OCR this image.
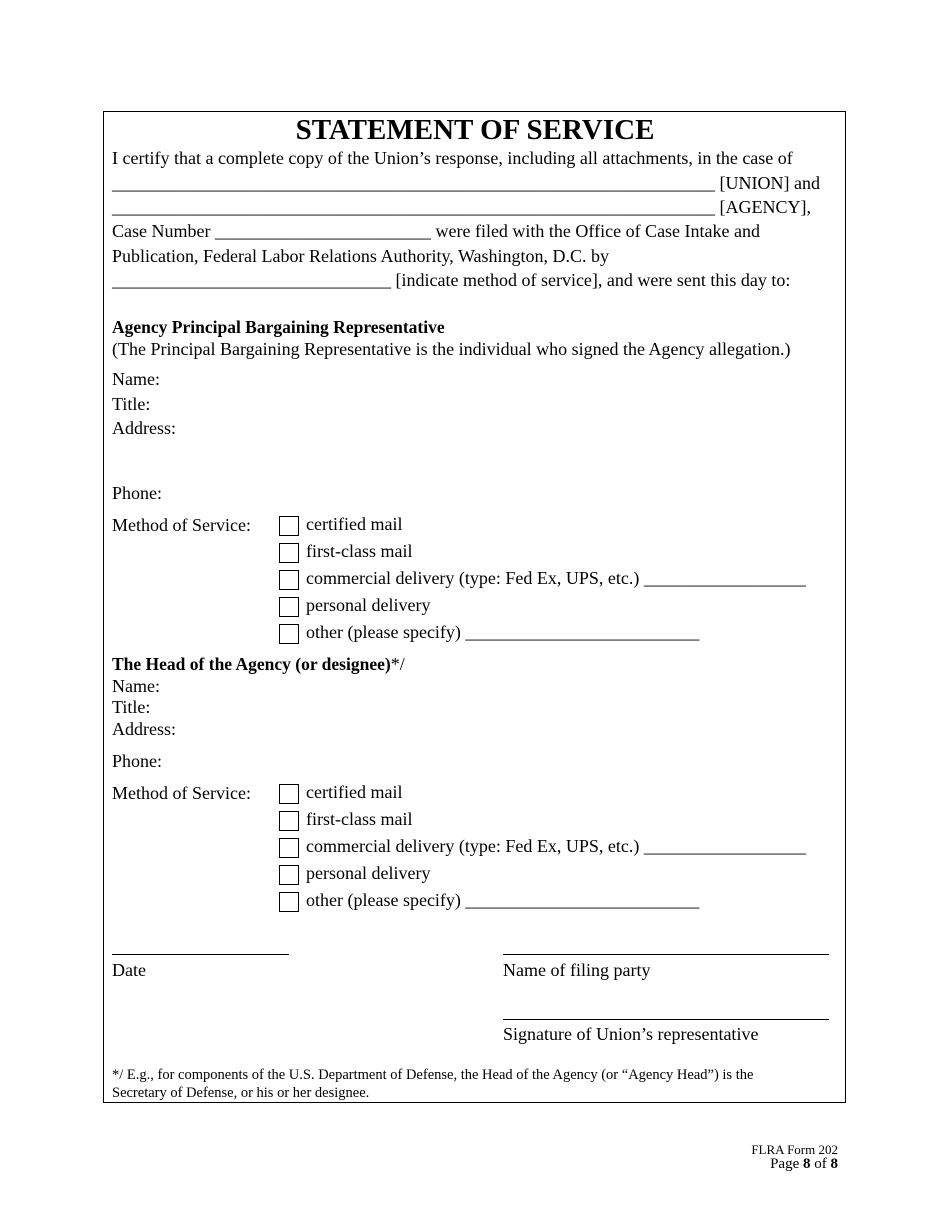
STATEMENT OF SERVICE
I certify that a complete copy of the Union’s response, including all attachments, in the case of
___________________________________________________________________ [UNION] and
___________________________________________________________________ [AGENCY],
Case Number ________________________ were filed with the Office of Case Intake and
Publication, Federal Labor Relations Authority, Washington, D.C. by
_______________________________ [indicate method of service], and were sent this day to:
Agency Principal Bargaining Representative
(The Principal Bargaining Representative is the individual who signed the Agency allegation.)
Name:
Title:
Address:
Phone:
Method of Service:	certified mail
first-class mail
commercial delivery (type: Fed Ex, UPS, etc.) __________________
personal delivery
other (please specify) __________________________
The Head of the Agency (or designee)*/
Name:
Title:
Address:
Phone:
Method of Service:	certified mail
first-class mail
commercial delivery (type: Fed Ex, UPS, etc.) __________________
personal delivery
other (please specify) __________________________
Date	Name of filing party
Signature of Union’s representative
*/ E.g., for components of the U.S. Department of Defense, the Head of the Agency (or “Agency Head”) is the
Secretary of Defense, or his or her designee.
FLRA Form 202
Page 8 of 8
